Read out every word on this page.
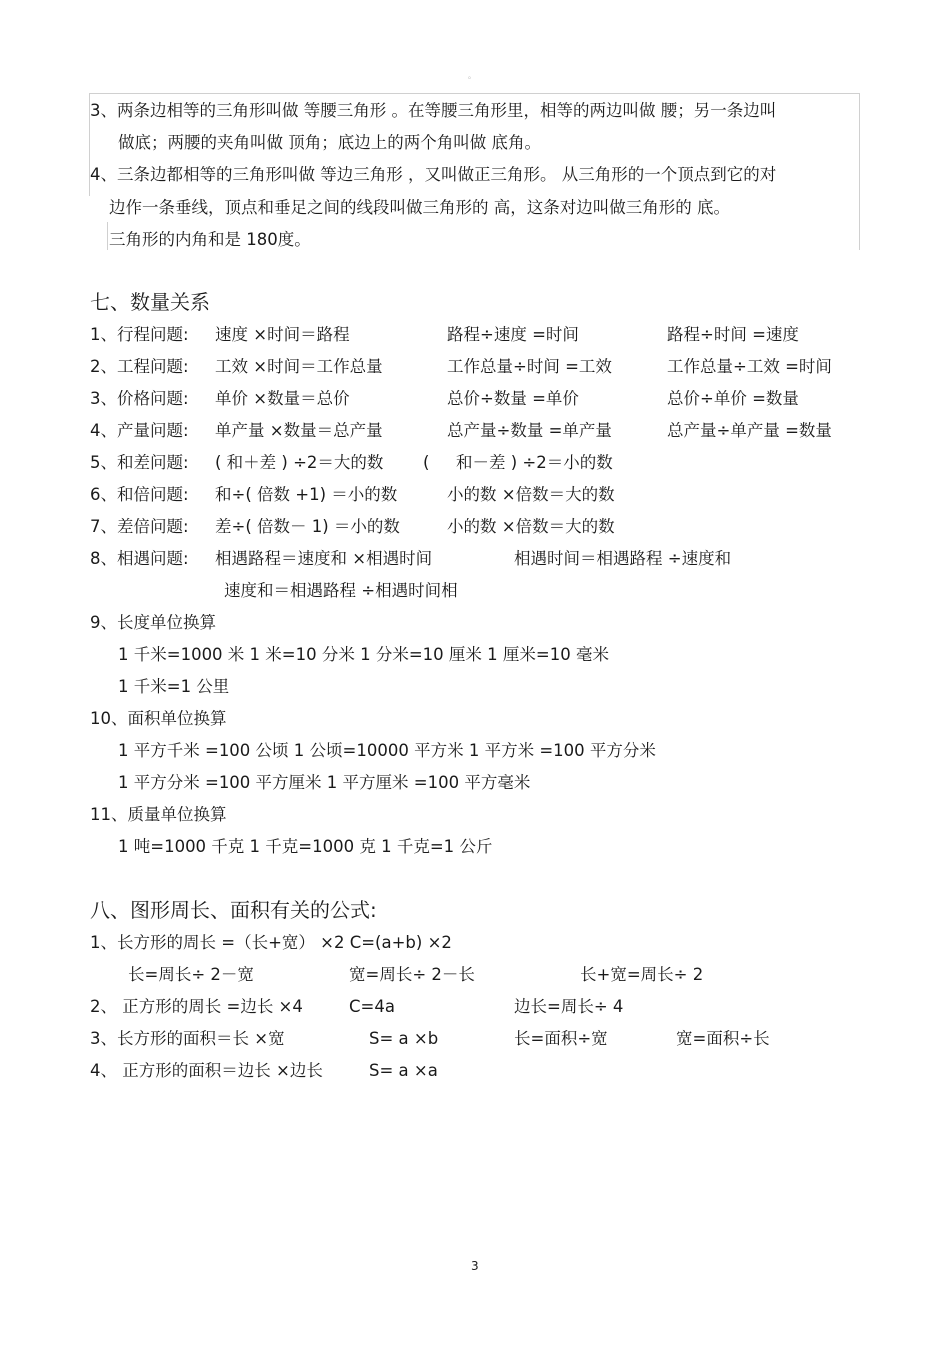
。
3、两条边相等的三角形叫做 等腰三角形 。在等腰三角形里，相等的两边叫做 腰；另一条边叫
做底；两腰的夹角叫做 顶角；底边上的两个角叫做 底角。
4、三条边都相等的三角形叫做 等边三角形 ，又叫做正三角形。 从三角形的一个顶点到它的对
边作一条垂线，顶点和垂足之间的线段叫做三角形的 高，这条对边叫做三角形的 底。
三角形的内角和是 180度。
七、数量关系
1、行程问题: 速度 ×时间＝路程	路程÷速度 =时间	路程÷时间 =速度
2、工程问题: 工效 ×时间＝工作总量	工作总量÷时间 =工效	工作总量÷工效 =时间
3、价格问题: 单价 ×数量＝总价	总价÷数量 =单价	总价÷单价 =数量
4、产量问题: 单产量 ×数量＝总产量	总产量÷数量 =单产量	总产量÷单产量 =数量
5、和差问题: ( 和＋差 ) ÷2＝大的数 ( 和－差 ) ÷2＝小的数
6、和倍问题: 和÷( 倍数 +1) ＝小的数	小的数 ×倍数＝大的数
7、差倍问题: 差÷( 倍数－ 1) ＝小的数	小的数 ×倍数＝大的数
8、相遇问题: 相遇路程＝速度和 ×相遇时间	相遇时间＝相遇路程 ÷速度和
速度和＝相遇路程 ÷相遇时间相
9、长度单位换算
1 千米=1000 米 1 米=10 分米 1 分米=10 厘米 1 厘米=10 毫米
1 千米=1 公里
10、面积单位换算
1 平方千米 =100 公顷 1 公顷=10000 平方米 1 平方米 =100 平方分米
1 平方分米 =100 平方厘米 1 平方厘米 =100 平方毫米
11、质量单位换算
1 吨=1000 千克 1 千克=1000 克 1 千克=1 公斤
八、图形周长、面积有关的公式:
1、长方形的周长 =（长+宽） ×2 C=(a+b) ×2
长=周长÷ 2－宽	宽=周长÷ 2－长	长+宽=周长÷ 2
2、 正方形的周长 =边长 ×4	C=4a	边长=周长÷ 4
3、长方形的面积＝长 ×宽	S= a ×b	长=面积÷宽	宽=面积÷长
4、 正方形的面积＝边长 ×边长	S= a ×a
3
